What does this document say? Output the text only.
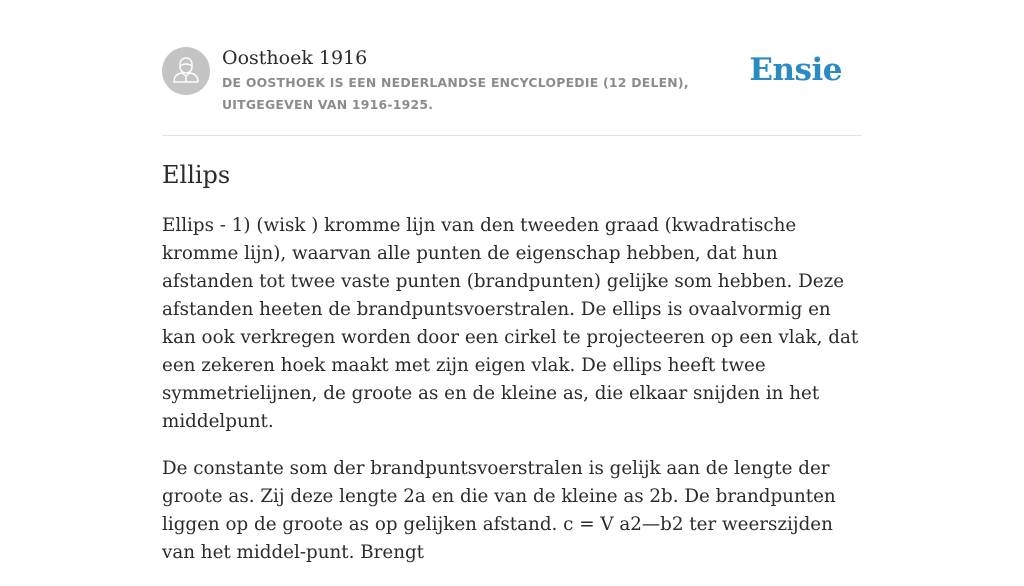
Oosthoek 1916
DE OOSTHOEK IS EEN NEDERLANDSE ENCYCLOPEDIE (12 DELEN), UITGEGEVEN VAN 1916-1925.
Ensie
Ellips

Ellips - 1) (wisk ) kromme lijn van den tweeden graad (kwadratische kromme lijn), waarvan alle punten de eigenschap hebben, dat hun afstanden tot twee vaste punten (brandpunten) gelijke som hebben. Deze afstanden heeten de brandpuntsvoerstralen. De ellips is ovaalvormig en kan ook verkregen worden door een cirkel te projecteeren op een vlak, dat een zekeren hoek maakt met zijn eigen vlak. De ellips heeft twee symmetrielijnen, de groote as en de kleine as, die elkaar snijden in het middelpunt.

De constante som der brandpuntsvoerstralen is gelijk aan de lengte der groote as. Zij deze lengte 2a en die van de kleine as 2b. De brandpunten liggen op de groote as op gelijken afstand. c = V a2—b2 ter weerszijden van het middel-punt. Brengt
